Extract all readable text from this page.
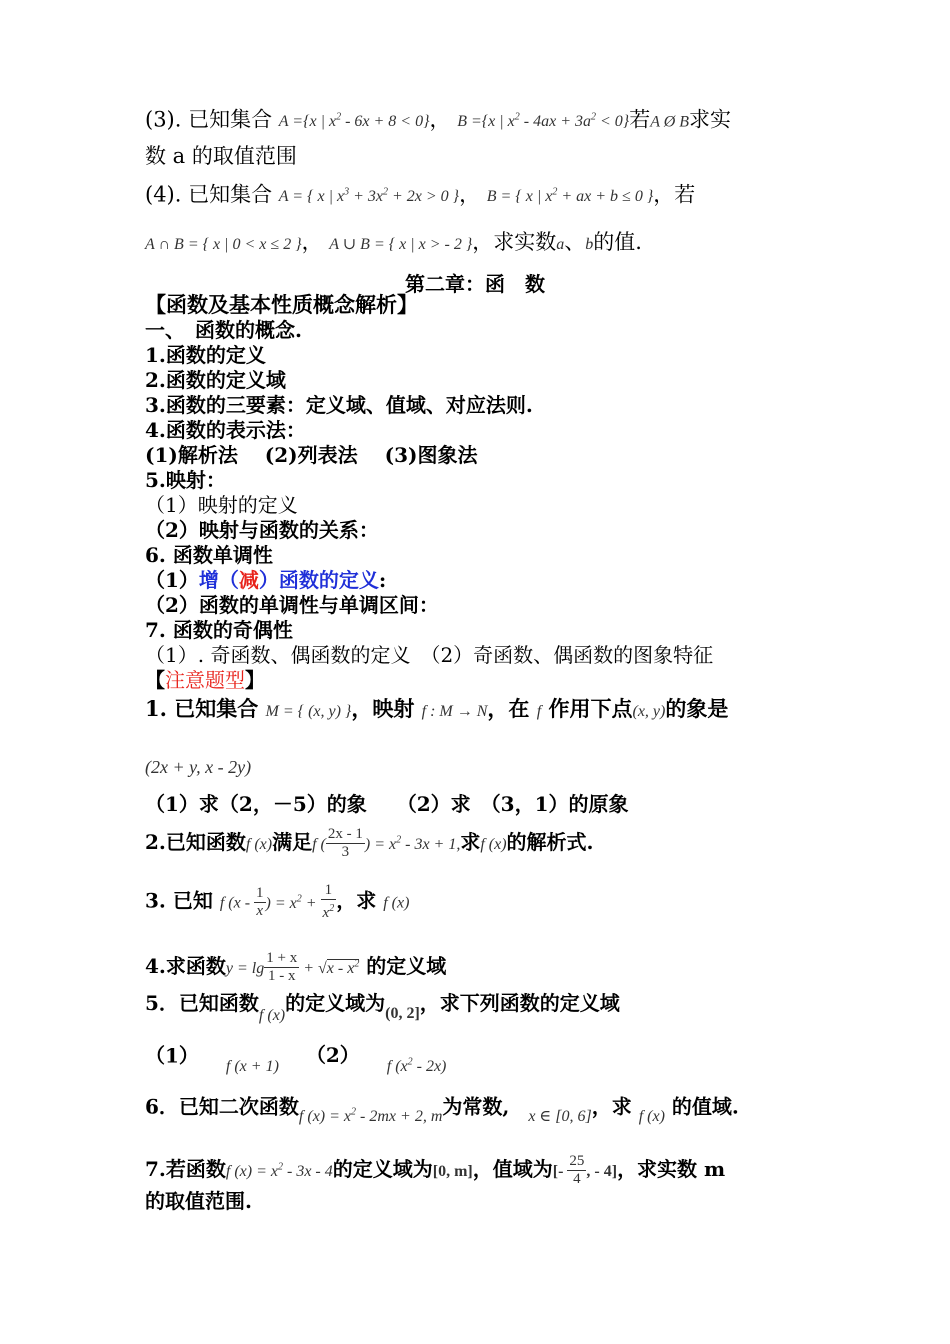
(3). 已知集合 A ={x | $x^2 - 6x + 8 < 0$}， B ={x | $x^2 - 4ax + 3a^2 < 0$}若A Ø B求实
数 a 的取值范围
(4). 已知集合 A = { x | $x^3 + 3x^2 + 2x > 0$ }， B = { x | $x^2$ + ax + b ≤ 0 }，若
A ∩ B = { x | 0 < x ≤ 2 }， A ∪ B = { x | x > - 2 }，求实数a、b的值.
第二章：函　数
【函数及基本性质概念解析】
一、　函数的概念.
1.函数的定义
2.函数的定义域
3.函数的三要素：定义域、值域、对应法则.
4.函数的表示法：
(1)解析法　 (2)列表法　 (3)图象法
5.映射：
（1）映射的定义
（2）映射与函数的关系：
6. 函数单调性
（1）增（减）函数的定义:
（2）函数的单调性与单调区间：
7. 函数的奇偶性
（1）. 奇函数、偶函数的定义　（2）奇函数、偶函数的图象特征
【注意题型】
1. 已知集合 M = { (x, y) }，映射 f : M → N，在 f 作用下点(x, y)的象是
(2x + y, x - 2y)
（1）求（2，－5）的象　　（2）求　（3，1）的原象
2.已知函数f (x)满足f ( $\frac{2x - 1}{3}$ ) = $x^2 - 3x + 1$,求f (x)的解析式.
3. 已知 f ($x - \frac{1}{x}$ ) = $x^2 + \frac{1}{x^2}$ ，求 f (x)
4.求函数$y = \lg \frac{1 + x}{1 - x} + √x - x^2$ 的定义域
5．已知函数$_{f (x)}$的定义域为$_{(0, 2]}$，求下列函数的定义域
（1） $_{f (x + 1)}$ （2） $_{f (x^2 - 2x)}$
6．已知二次函数$_{f (x) = x^2 - 2mx + 2, m}$为常数, $_{x \in [0, 6]}$，求 $_{f (x)}$ 的值域.
7.若函数f $(x) = x^2 - 3x - 4$的定义域为[0, m]，值域为[- $\frac{25}{4}$ , - 4]，求实数 m
的取值范围.
